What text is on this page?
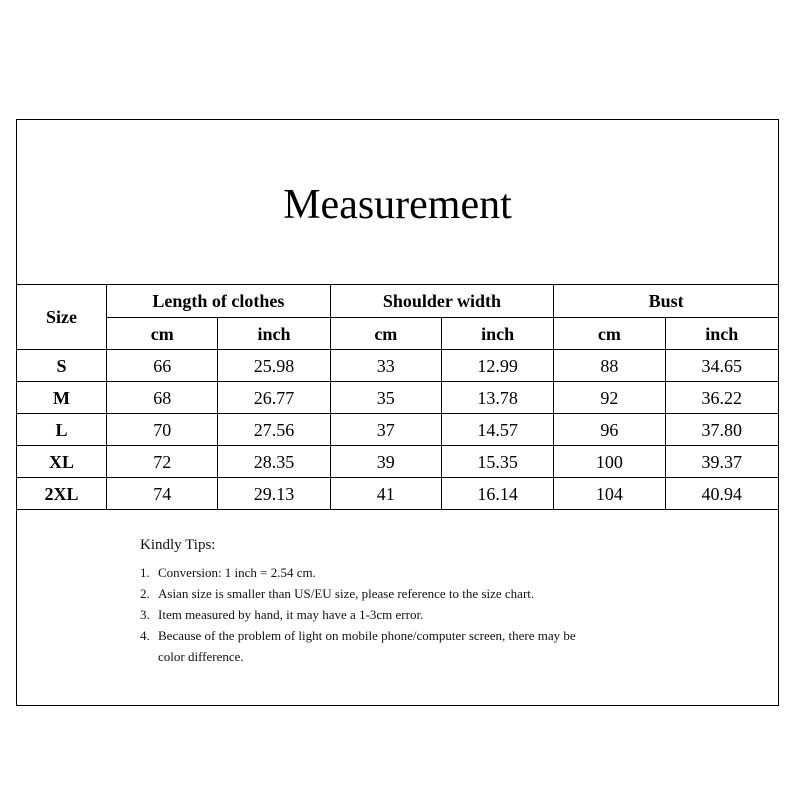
Measurement
Size	Length of clothes		Shoulder width		Bust	
	cm	inch	cm	inch	cm	inch
S	66	25.98	33	12.99	88	34.65
M	68	26.77	35	13.78	92	36.22
L	70	27.56	37	14.57	96	37.80
XL	72	28.35	39	15.35	100	39.37
2XL	74	29.13	41	16.14	104	40.94
Kindly Tips:
1. Conversion: 1 inch = 2.54 cm.
2. Asian size is smaller than US/EU size, please reference to the size chart.
3. Item measured by hand, it may have a 1-3cm error.
4. Because of the problem of light on mobile phone/computer screen, there may be color difference.
